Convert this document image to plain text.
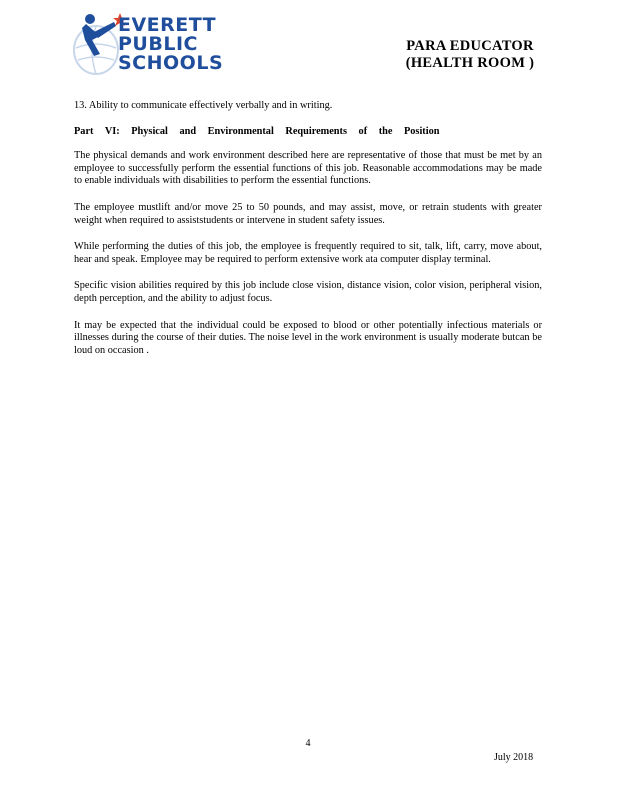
EVERETT
PUBLIC
SCHOOLS
PARA EDUCATOR
(HEALTH ROOM )
13. Ability to communicate effectively verbally and in writing.
Part VI: Physical and Environmental Requirements of the Position

The physical demands and work environment described here are representative of those that must be met by an employee to successfully perform the essential functions of this job. Reasonable accommodations may be made to enable individuals with disabilities to perform the essential functions.

The employee mustlift and/or move 25 to 50 pounds, and may assist, move, or retrain students with greater weight when required to assiststudents or intervene in student safety issues.

While performing the duties of this job, the employee is frequently required to sit, talk, lift, carry, move about, hear and speak. Employee may be required to perform extensive work ata computer display terminal.

Specific vision abilities required by this job include close vision, distance vision, color vision, peripheral vision, depth perception, and the ability to adjust focus.

It may be expected that the individual could be exposed to blood or other potentially infectious materials or illnesses during the course of their duties. The noise level in the work environment is usually moderate butcan be loud on occasion .

4
July 2018
